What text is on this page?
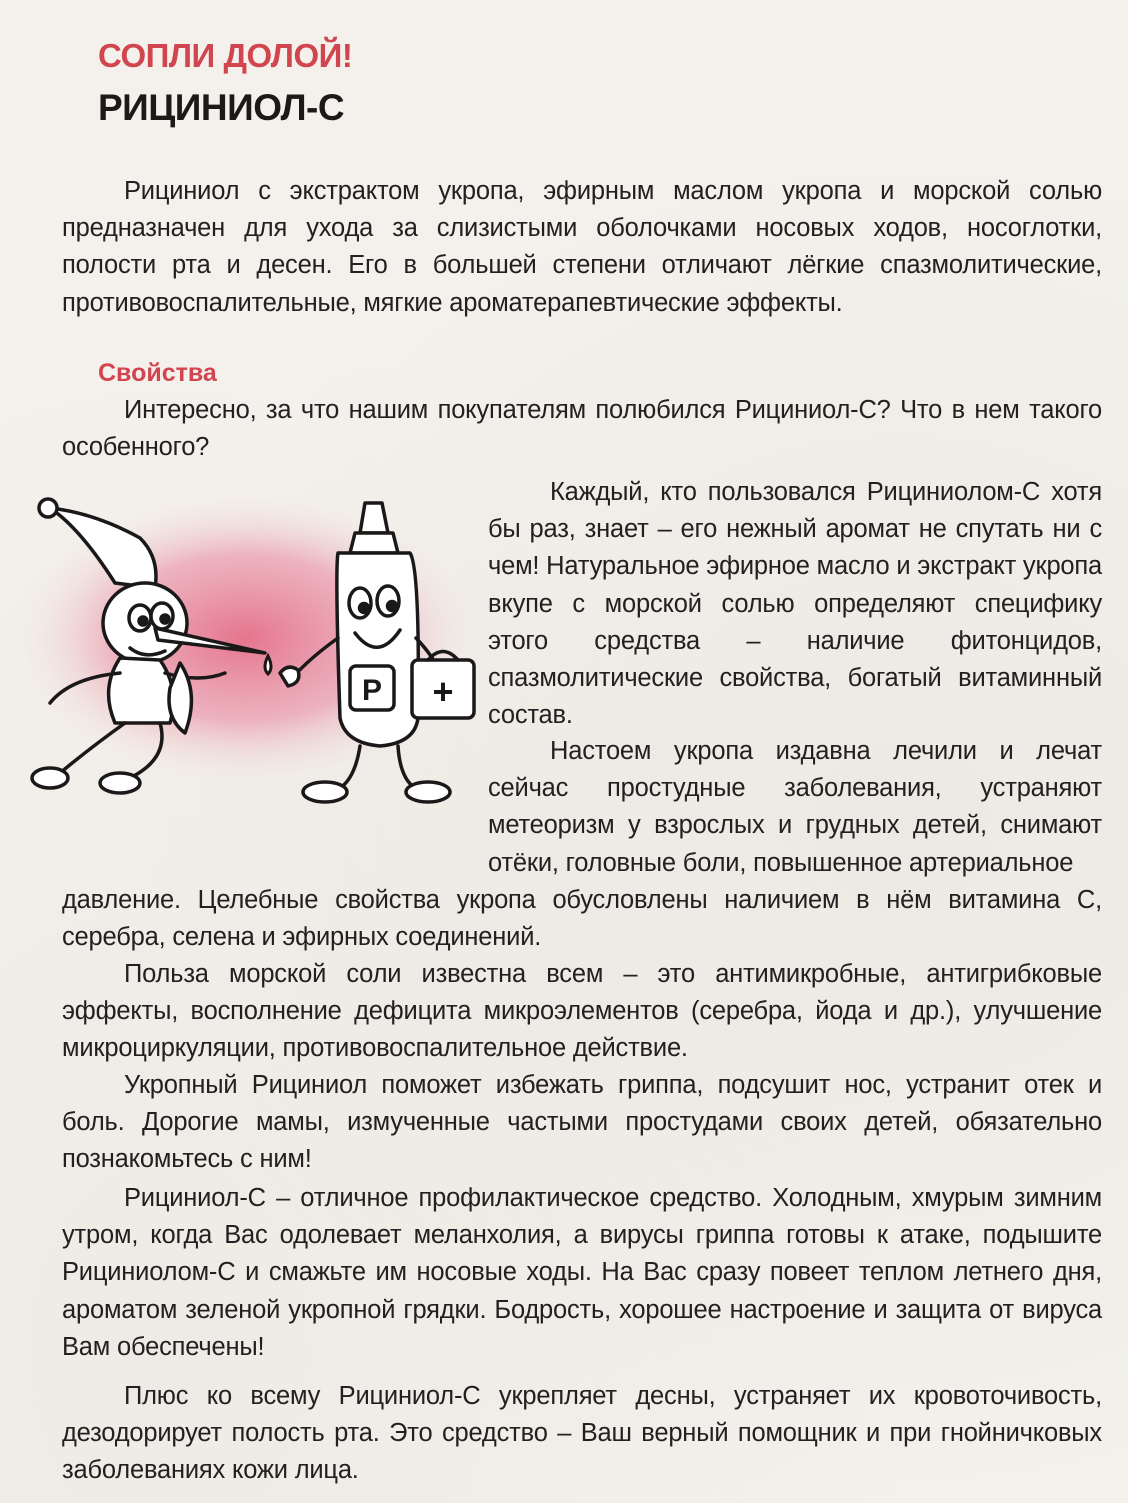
СОПЛИ ДОЛОЙ!
РИЦИНИОЛ-С

Рициниол с экстрактом укропа, эфирным маслом укропа и морской солью предназначен для ухода за слизистыми оболочками носовых ходов, носоглотки, полости рта и десен. Его в большей степени отличают лёгкие спазмолитические, противовоспалительные, мягкие ароматерапевтические эффекты.

Свойства

Интересно, за что нашим покупателям полюбился Рициниол-С? Что в нем такого особенного?

Р +

Каждый, кто пользовался Рициниолом-С хотя бы раз, знает – его нежный аромат не спутать ни с чем! Натуральное эфирное масло и экстракт укропа вкупе с морской солью определяют специфику этого средства – наличие фитонцидов, спазмолитические свойства, богатый витаминный состав.

Настоем укропа издавна лечили и лечат сейчас простудные заболевания, устраняют метеоризм у взрослых и грудных детей, снимают отёки, головные боли, повышенное артериальное

давление. Целебные свойства укропа обусловлены наличием в нём витамина С, серебра, селена и эфирных соединений.

Польза морской соли известна всем – это антимикробные, антигрибковые эффекты, восполнение дефицита микроэлементов (серебра, йода и др.), улучшение микроциркуляции, противовоспалительное действие.

Укропный Рициниол поможет избежать гриппа, подсушит нос, устранит отек и боль. Дорогие мамы, измученные частыми простудами своих детей, обязательно познакомьтесь с ним!

Рициниол-С – отличное профилактическое средство. Холодным, хмурым зимним утром, когда Вас одолевает меланхолия, а вирусы гриппа готовы к атаке, подышите Рициниолом-С и смажьте им носовые ходы. На Вас сразу повеет теплом летнего дня, ароматом зеленой укропной грядки. Бодрость, хорошее настроение и защита от вируса Вам обеспечены!

Плюс ко всему Рициниол-С укрепляет десны, устраняет их кровоточивость, дезодорирует полость рта. Это средство – Ваш верный помощник и при гнойничковых заболеваниях кожи лица.
